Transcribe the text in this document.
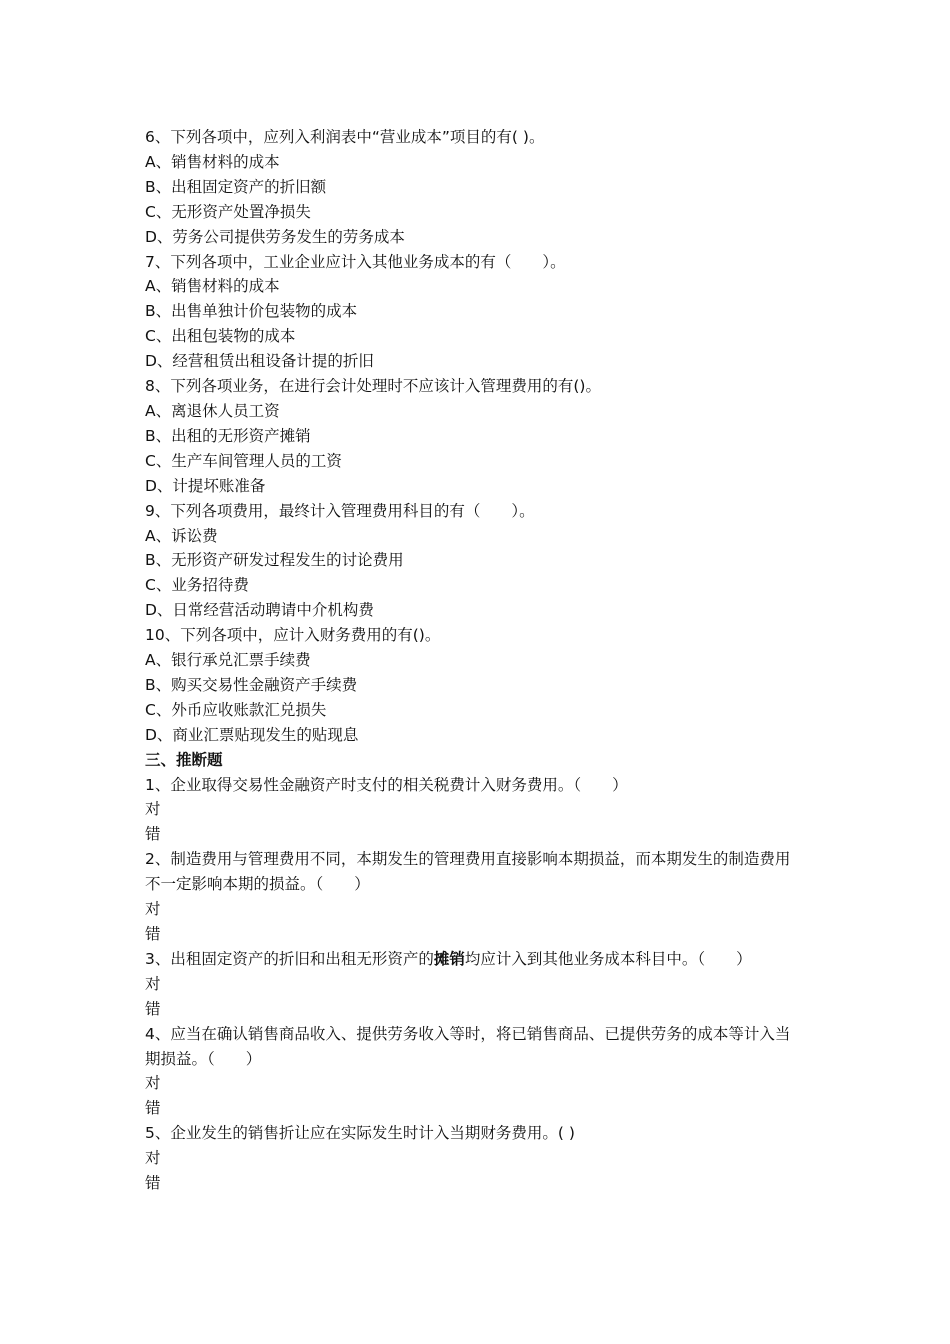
6、下列各项中，应列入利润表中“营业成本”项目的有( )。
A、销售材料的成本
B、出租固定资产的折旧额
C、无形资产处置净损失
D、劳务公司提供劳务发生的劳务成本
7、下列各项中，工业企业应计入其他业务成本的有（　　）。
A、销售材料的成本
B、出售单独计价包装物的成本
C、出租包装物的成本
D、经营租赁出租设备计提的折旧
8、下列各项业务，在进行会计处理时不应该计入管理费用的有()。
A、离退休人员工资
B、出租的无形资产摊销
C、生产车间管理人员的工资
D、计提坏账准备
9、下列各项费用，最终计入管理费用科目的有（　　）。
A、诉讼费
B、无形资产研发过程发生的讨论费用
C、业务招待费
D、日常经营活动聘请中介机构费
10、下列各项中，应计入财务费用的有()。
A、银行承兑汇票手续费
B、购买交易性金融资产手续费
C、外币应收账款汇兑损失
D、商业汇票贴现发生的贴现息
三、推断题
1、企业取得交易性金融资产时支付的相关税费计入财务费用。（　　）
对
错
2、制造费用与管理费用不同，本期发生的管理费用直接影响本期损益，而本期发生的制造费用不一定影响本期的损益。（　　）
对
错
3、出租固定资产的折旧和出租无形资产的摊销均应计入到其他业务成本科目中。（　　）
对
错
4、应当在确认销售商品收入、提供劳务收入等时，将已销售商品、已提供劳务的成本等计入当期损益。（　　）
对
错
5、企业发生的销售折让应在实际发生时计入当期财务费用。( )
对
错
